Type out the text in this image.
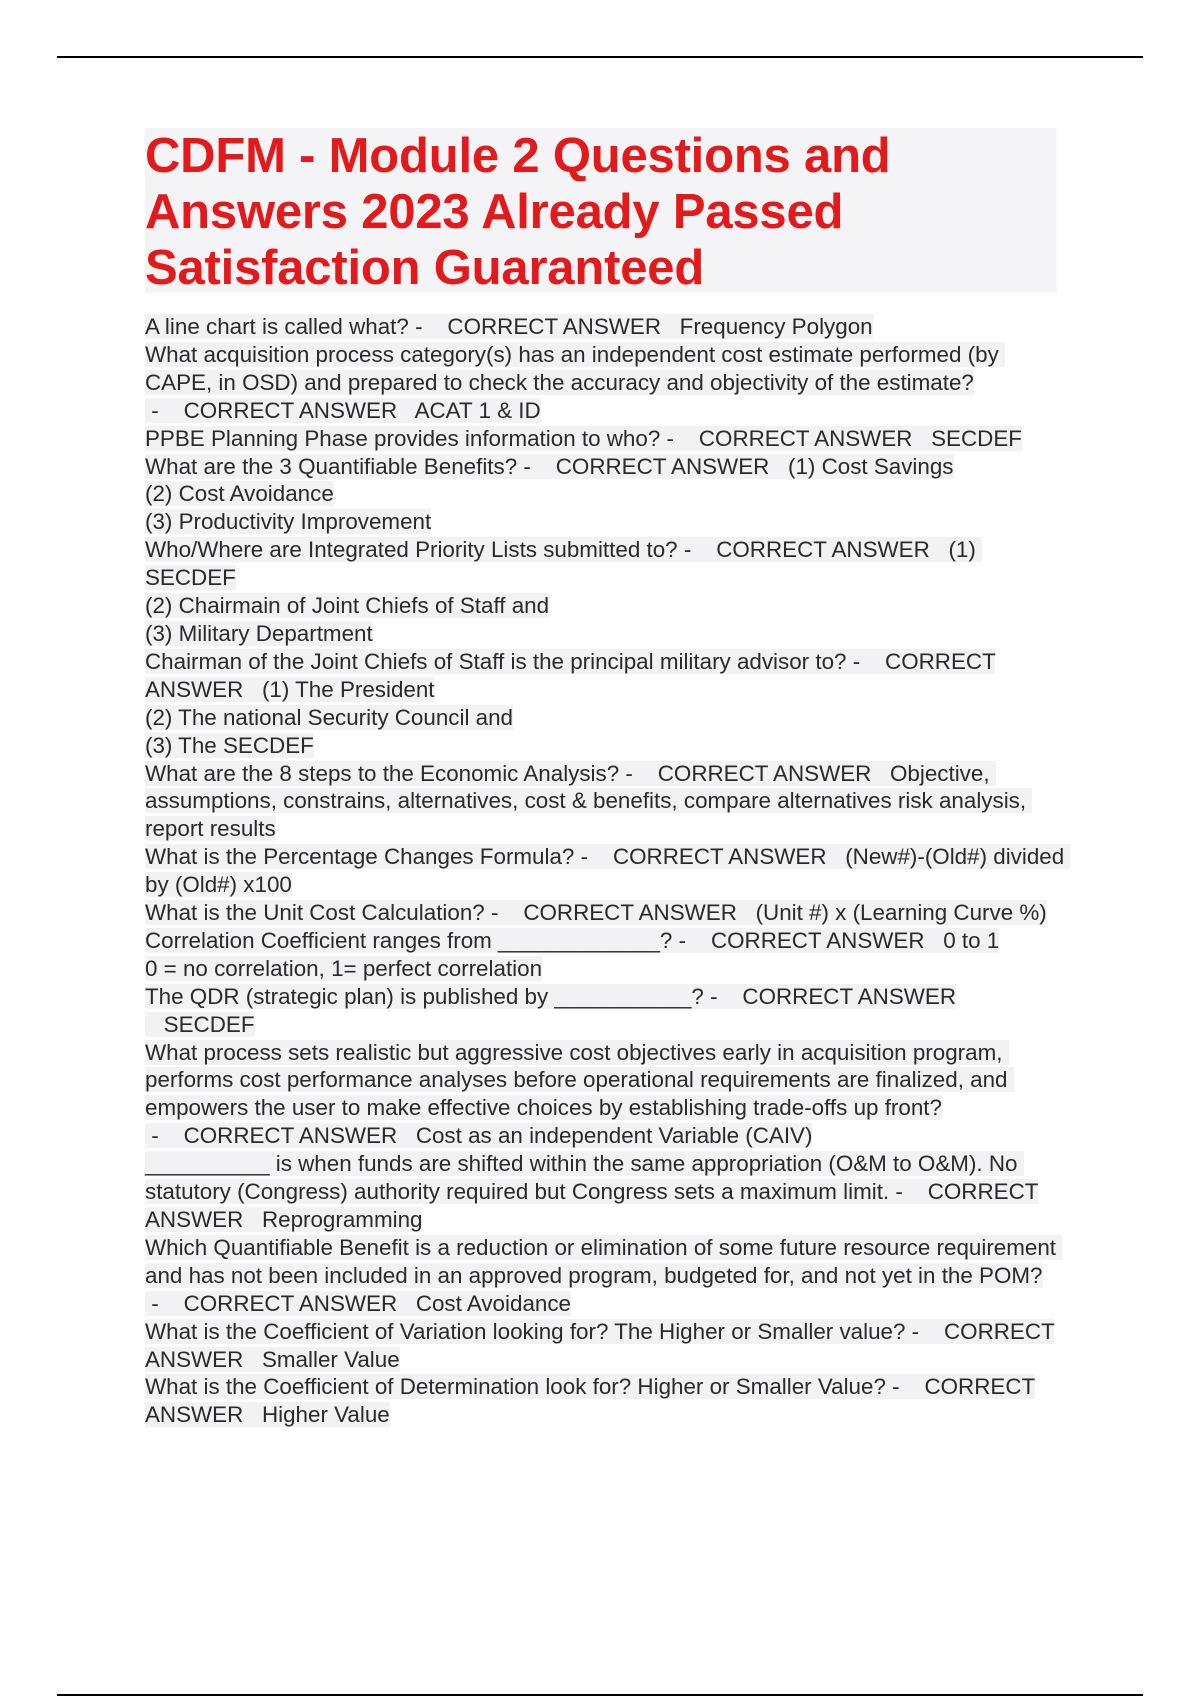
CDFM - Module 2 Questions and Answers 2023 Already Passed Satisfaction Guaranteed
A line chart is called what? -    CORRECT ANSWER Frequency Polygon
What acquisition process category(s) has an independent cost estimate performed (by CAPE, in OSD) and prepared to check the accuracy and objectivity of the estimate? -    CORRECT ANSWER ACAT 1 & ID
PPBE Planning Phase provides information to who? -    CORRECT ANSWER SECDEF
What are the 3 Quantifiable Benefits? -    CORRECT ANSWER (1) Cost Savings
(2) Cost Avoidance
(3) Productivity Improvement
Who/Where are Integrated Priority Lists submitted to? -    CORRECT ANSWER (1) SECDEF
(2) Chairmain of Joint Chiefs of Staff and
(3) Military Department
Chairman of the Joint Chiefs of Staff is the principal military advisor to? -    CORRECT ANSWER (1) The President
(2) The national Security Council and
(3) The SECDEF
What are the 8 steps to the Economic Analysis? -    CORRECT ANSWER Objective, assumptions, constrains, alternatives, cost & benefits, compare alternatives risk analysis, report results
What is the Percentage Changes Formula? -    CORRECT ANSWER (New#)-(Old#) divided by (Old#) x100
What is the Unit Cost Calculation? -    CORRECT ANSWER (Unit #) x (Learning Curve %)
Correlation Coefficient ranges from _____________? -    CORRECT ANSWER 0 to 1
0 = no correlation, 1= perfect correlation
The QDR (strategic plan) is published by ___________? -    CORRECT ANSWER   SECDEF
What process sets realistic but aggressive cost objectives early in acquisition program, performs cost performance analyses before operational requirements are finalized, and empowers the user to make effective choices by establishing trade-offs up front? -    CORRECT ANSWER Cost as an independent Variable (CAIV)
__________ is when funds are shifted within the same appropriation (O&M to O&M). No statutory (Congress) authority required but Congress sets a maximum limit. -    CORRECT ANSWER Reprogramming
Which Quantifiable Benefit is a reduction or elimination of some future resource requirement and has not been included in an approved program, budgeted for, and not yet in the POM? -    CORRECT ANSWER Cost Avoidance
What is the Coefficient of Variation looking for? The Higher or Smaller value? -    CORRECT ANSWER Smaller Value
What is the Coefficient of Determination look for? Higher or Smaller Value? -    CORRECT ANSWER Higher Value
